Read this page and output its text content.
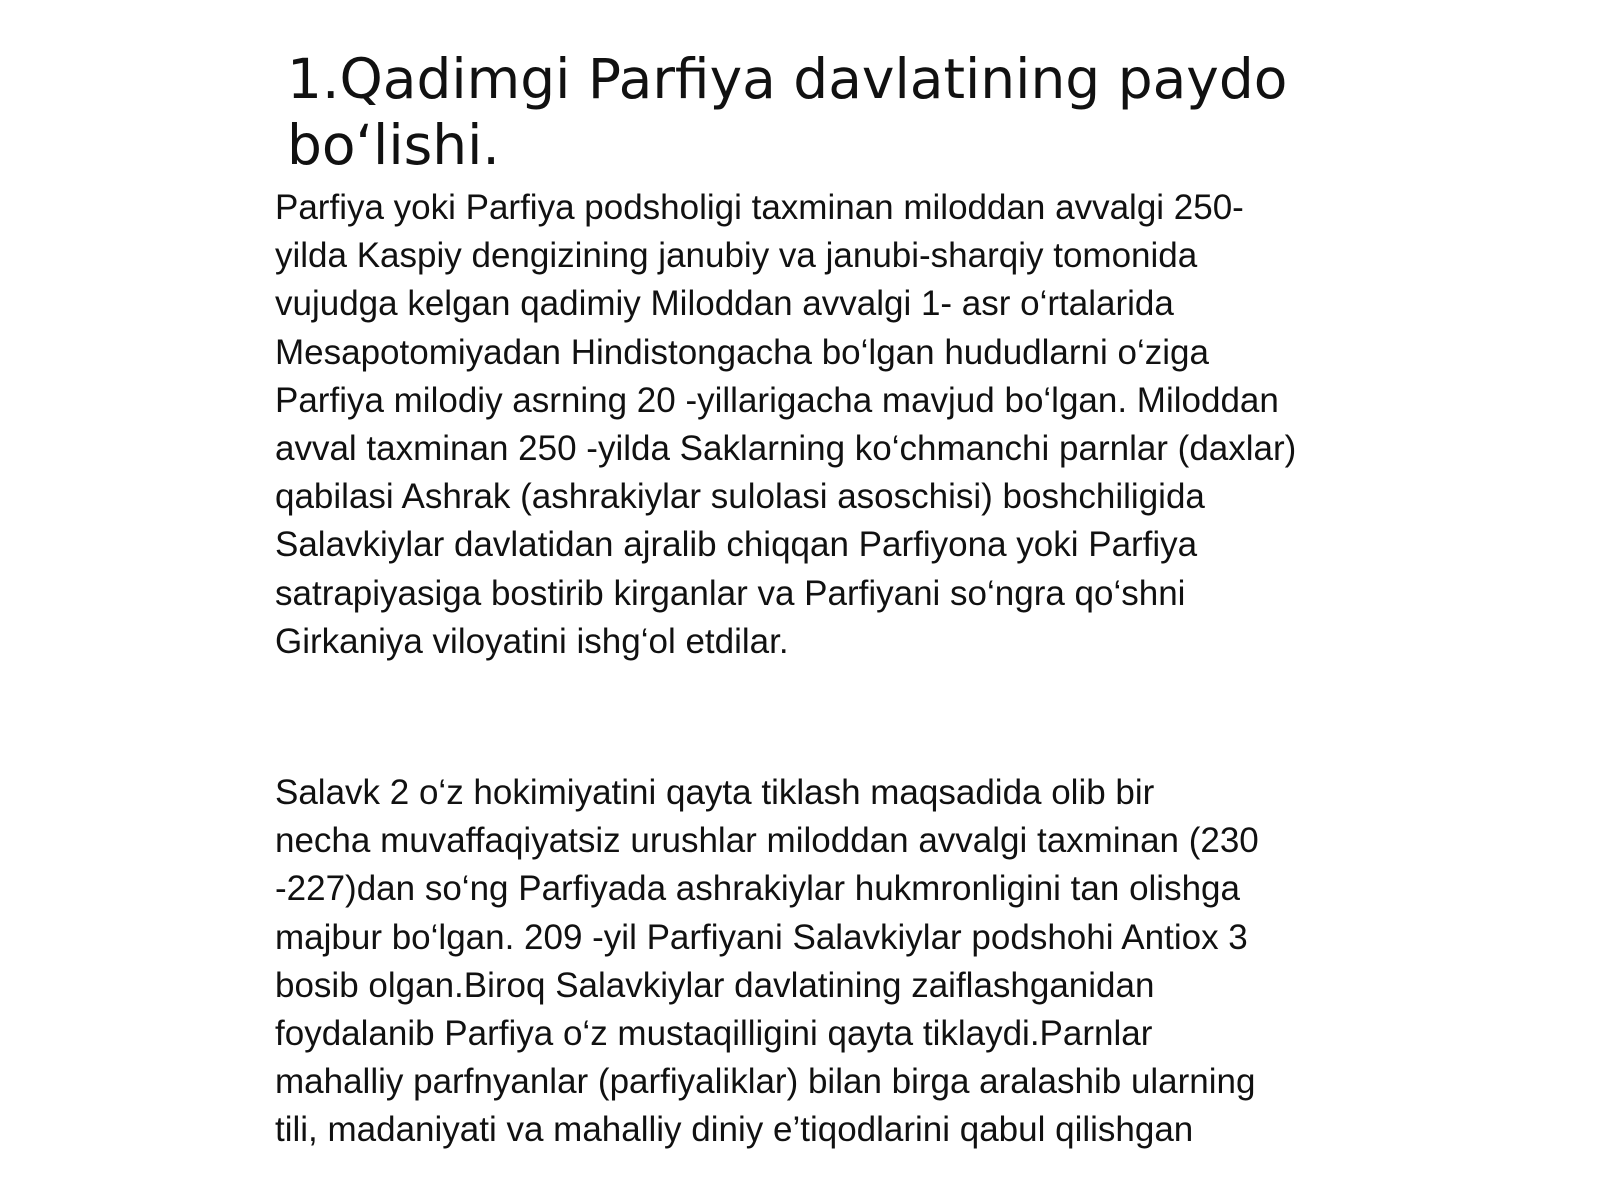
1.Qadimgi Parfiya davlatining paydo bo‘lishi.

Parfiya yoki Parfiya podsholigi taxminan miloddan avvalgi 250-
yilda Kaspiy dengizining janubiy va janubi-sharqiy tomonida
vujudga kelgan qadimiy Miloddan avvalgi 1- asr o‘rtalarida
Mesapotomiyadan Hindistongacha bo‘lgan hududlarni o‘ziga
Parfiya milodiy asrning 20 -yillarigacha mavjud bo‘lgan. Miloddan
avval taxminan 250 -yilda Saklarning ko‘chmanchi parnlar (daxlar)
qabilasi Ashrak (ashrakiylar sulolasi asoschisi) boshchiligida
Salavkiylar davlatidan ajralib chiqqan Parfiyona yoki Parfiya
satrapiyasiga bostirib kirganlar va Parfiyani so‘ngra qo‘shni
Girkaniya viloyatini ishg‘ol etdilar.

Salavk 2 o‘z hokimiyatini qayta tiklash maqsadida olib bir
necha muvaffaqiyatsiz urushlar miloddan avvalgi taxminan (230
-227)dan so‘ng Parfiyada ashrakiylar hukmronligini tan olishga
majbur bo‘lgan. 209 -yil Parfiyani Salavkiylar podshohi Antiox 3
bosib olgan.Biroq Salavkiylar davlatining zaiflashganidan
foydalanib Parfiya o‘z mustaqilligini qayta tiklaydi.Parnlar
mahalliy parfnyanlar (parfiyaliklar) bilan birga aralashib ularning
tili, madaniyati va mahalliy diniy e’tiqodlarini qabul qilishgan
